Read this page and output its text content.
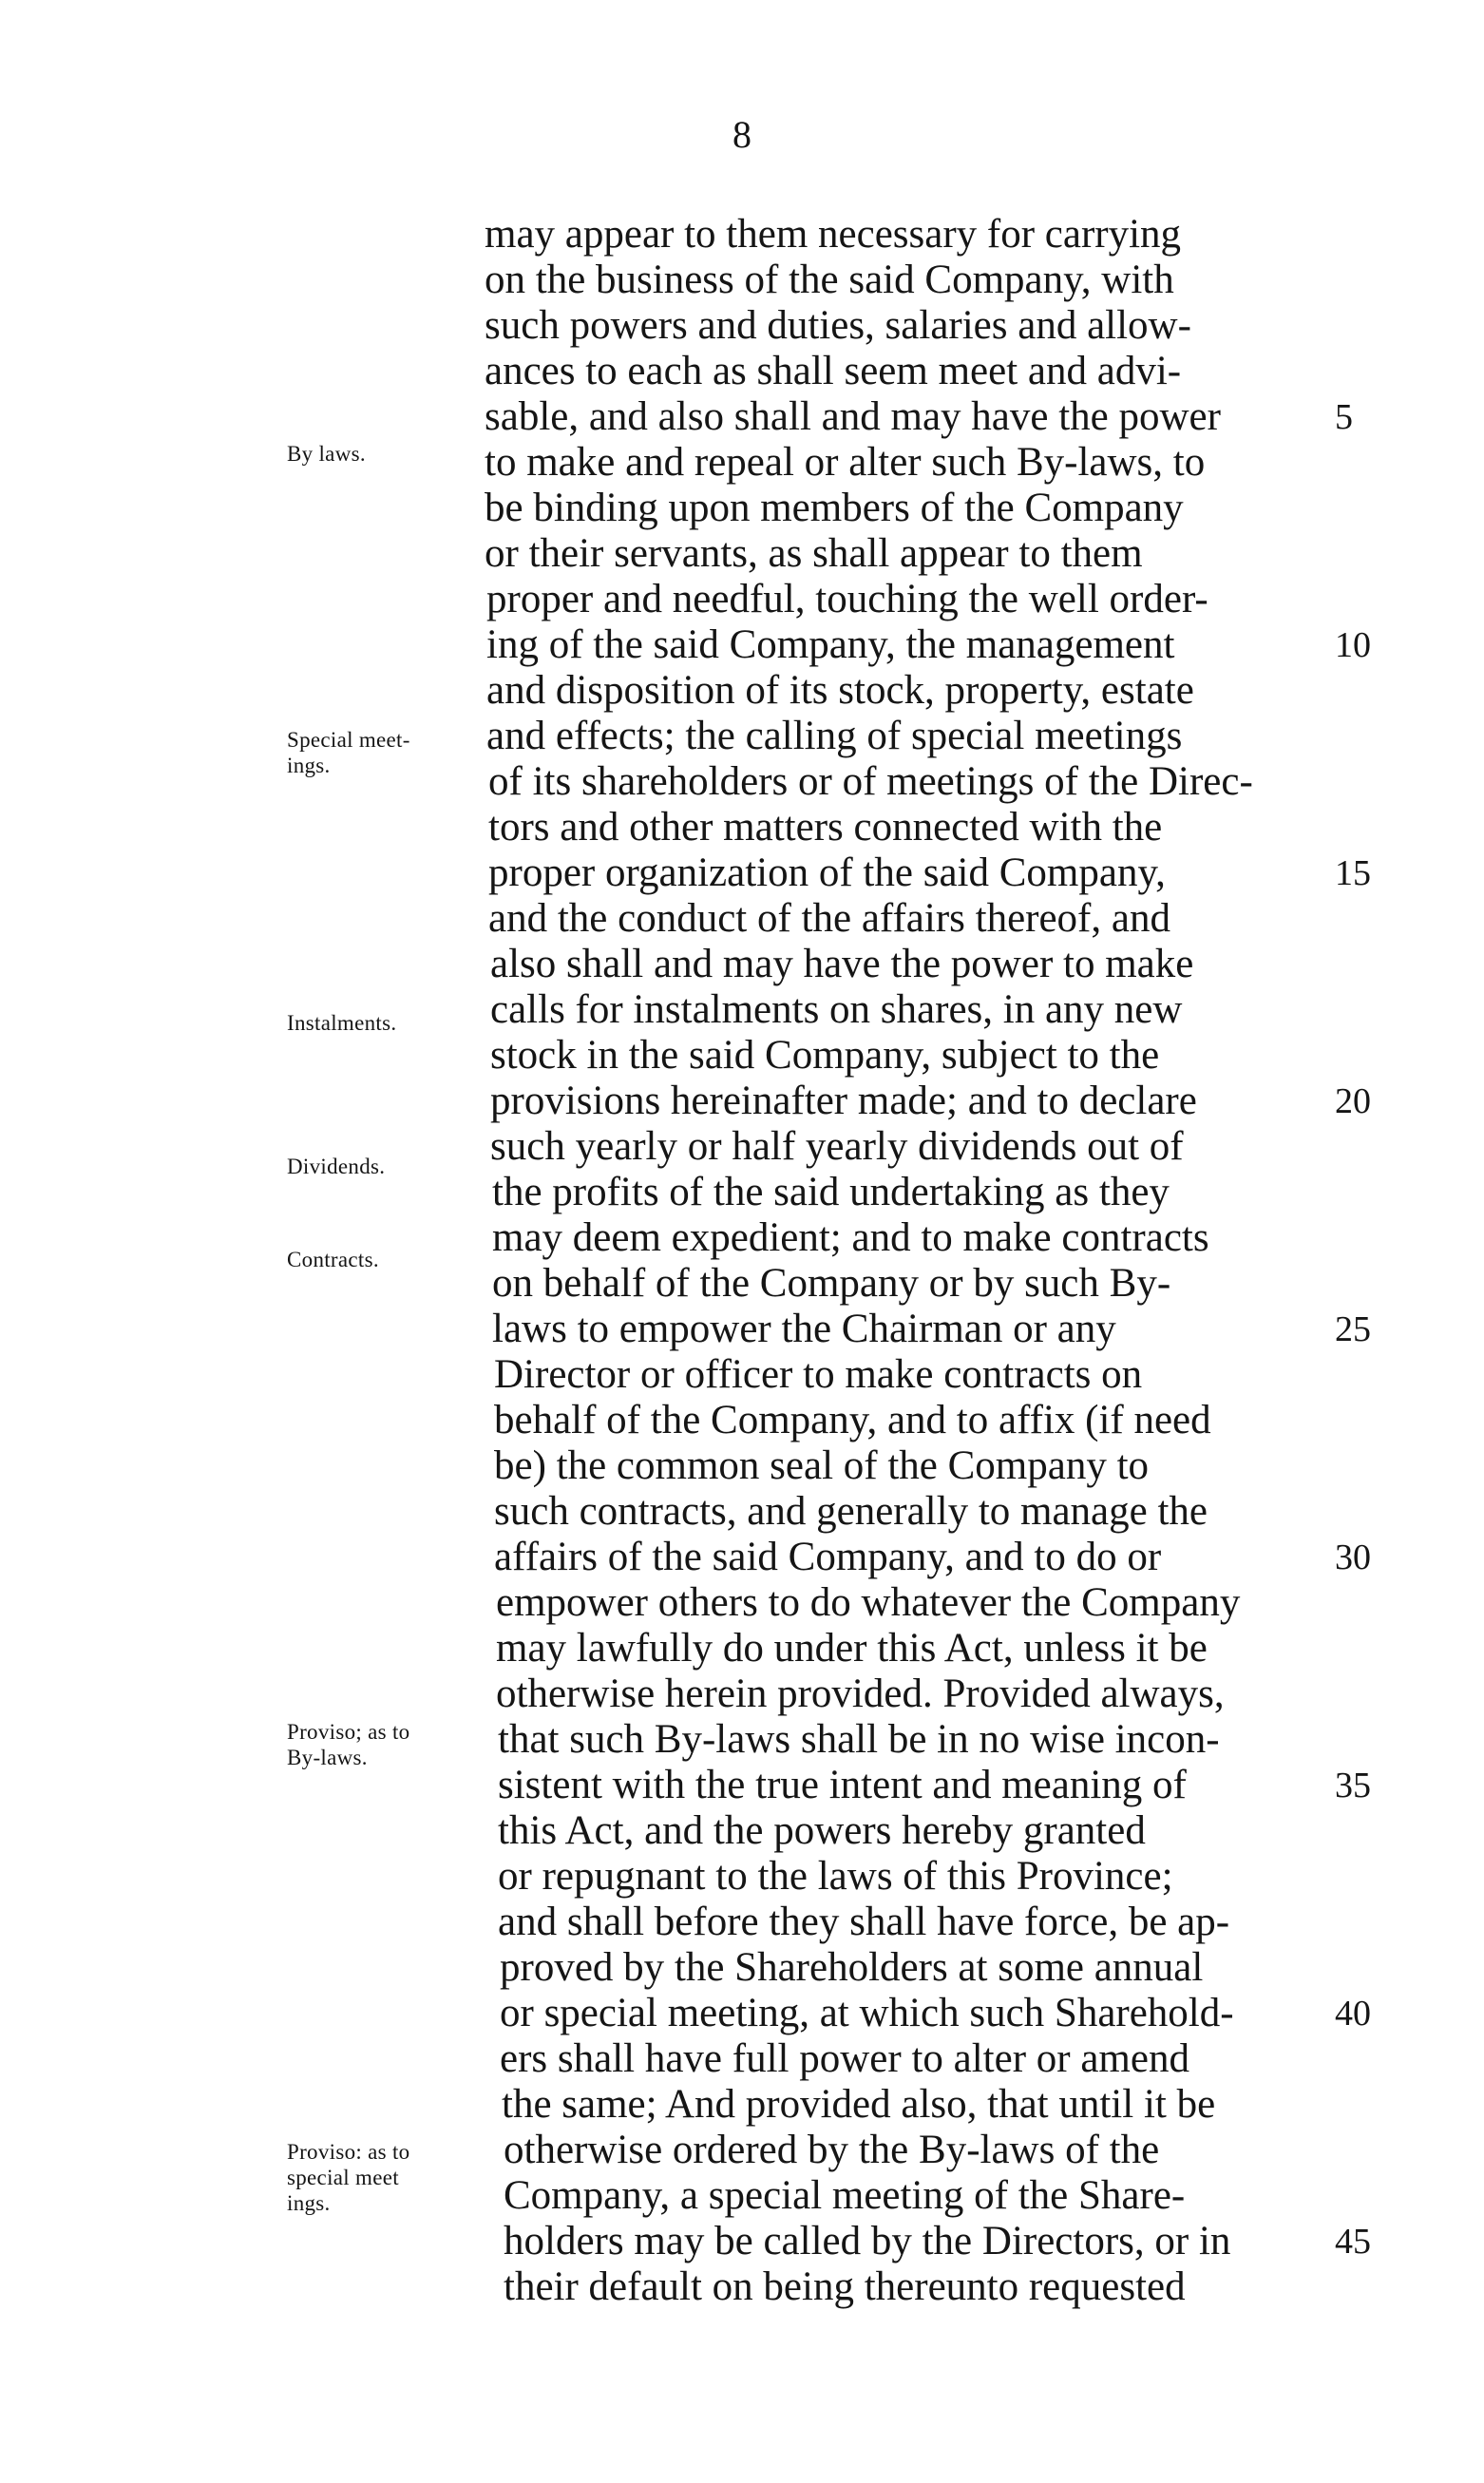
8
By laws.
Special meet-
ings.
Instalments.
Dividends.
Contracts.
Proviso; as to
By-laws.
Proviso: as to
special meet
ings.
may appear to them necessary for carrying
on the business of the said Company, with
such powers and duties, salaries and allow-
ances to each as shall seem meet and advi-
sable, and also shall and may have the power	5
to make and repeal or alter such By-laws, to
be binding upon members of the Company
or their servants, as shall appear to them
proper and needful, touching the well order-
ing of the said Company, the management	10
and disposition of its stock, property, estate
and effects; the calling of special meetings
of its shareholders or of meetings of the Direc-
tors and other matters connected with the
proper organization of the said Company,	15
and the conduct of the affairs thereof, and
also shall and may have the power to make
calls for instalments on shares, in any new
stock in the said Company, subject to the
provisions hereinafter made; and to declare	20
such yearly or half yearly dividends out of
the profits of the said undertaking as they
may deem expedient; and to make contracts
on behalf of the Company or by such By-
laws to empower the Chairman or any	25
Director or officer to make contracts on
behalf of the Company, and to affix (if need
be) the common seal of the Company to
such contracts, and generally to manage the
affairs of the said Company, and to do or	30
empower others to do whatever the Company
may lawfully do under this Act, unless it be
otherwise herein provided. Provided always,
that such By-laws shall be in no wise incon-
sistent with the true intent and meaning of	35
this Act, and the powers hereby granted
or repugnant to the laws of this Province;
and shall before they shall have force, be ap-
proved by the Shareholders at some annual
or special meeting, at which such Sharehold-	40
ers shall have full power to alter or amend
the same; And provided also, that until it be
otherwise ordered by the By-laws of the
Company, a special meeting of the Share-
holders may be called by the Directors, or in	45
their default on being thereunto requested
